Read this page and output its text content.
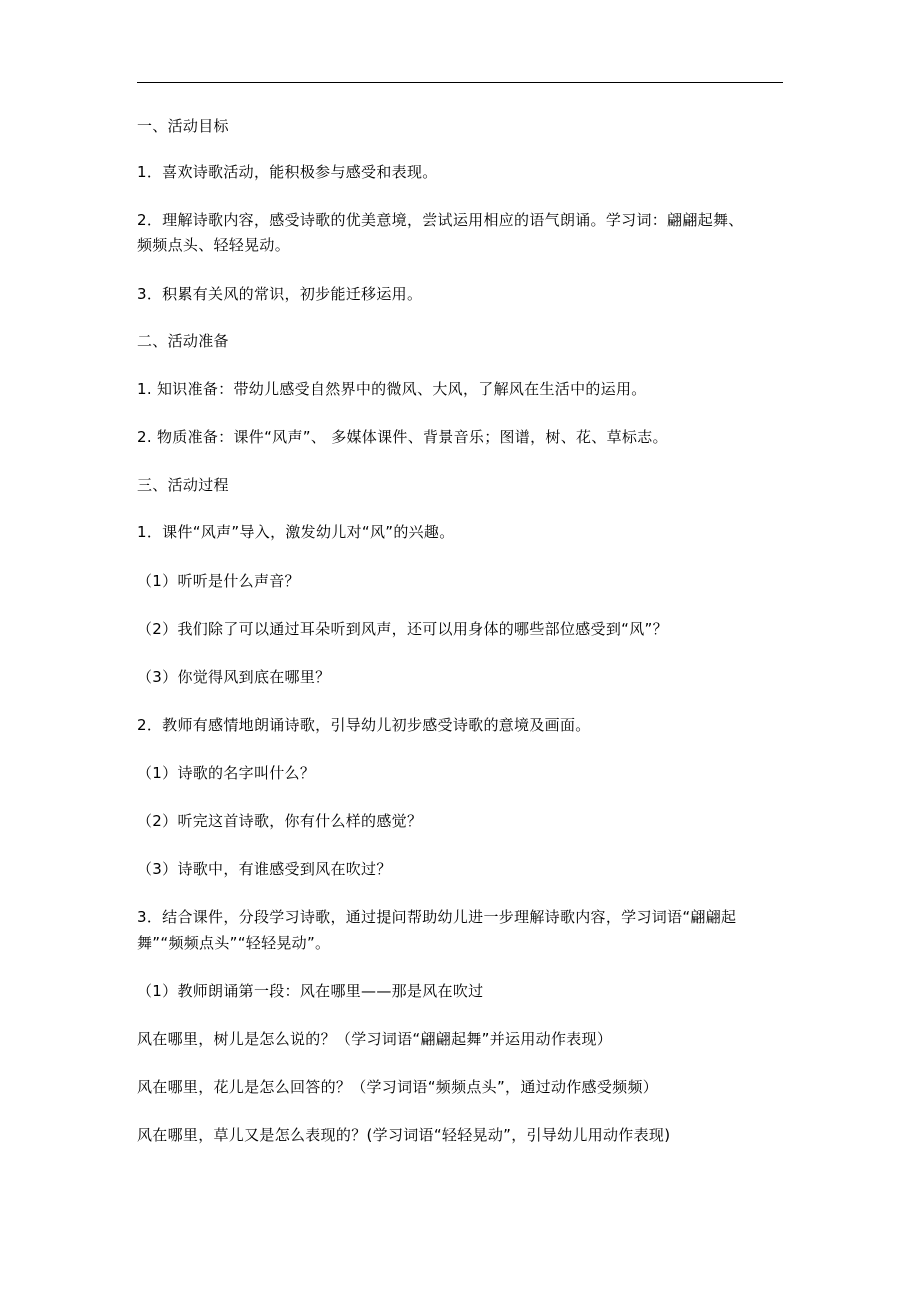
一、活动目标
1．喜欢诗歌活动，能积极参与感受和表现。
2．理解诗歌内容，感受诗歌的优美意境，尝试运用相应的语气朗诵。学习词：翩翩起舞、
频频点头、轻轻晃动。
3．积累有关风的常识，初步能迁移运用。
二、活动准备
1. 知识准备：带幼儿感受自然界中的微风、大风，了解风在生活中的运用。
2. 物质准备：课件“风声”、 多媒体课件、背景音乐；图谱，树、花、草标志。
三、活动过程
1．课件“风声”导入，激发幼儿对“风”的兴趣。
（1）听听是什么声音？
（2）我们除了可以通过耳朵听到风声，还可以用身体的哪些部位感受到“风”？
（3）你觉得风到底在哪里？
2．教师有感情地朗诵诗歌，引导幼儿初步感受诗歌的意境及画面。
（1）诗歌的名字叫什么？
（2）听完这首诗歌，你有什么样的感觉？
（3）诗歌中，有谁感受到风在吹过？
3．结合课件，分段学习诗歌，通过提问帮助幼儿进一步理解诗歌内容，学习词语“翩翩起
舞”“频频点头”“轻轻晃动”。
（1）教师朗诵第一段：风在哪里——那是风在吹过
风在哪里，树儿是怎么说的？（学习词语“翩翩起舞”并运用动作表现）
风在哪里，花儿是怎么回答的？（学习词语“频频点头”，通过动作感受频频）
风在哪里，草儿又是怎么表现的？(学习词语“轻轻晃动”，引导幼儿用动作表现)
